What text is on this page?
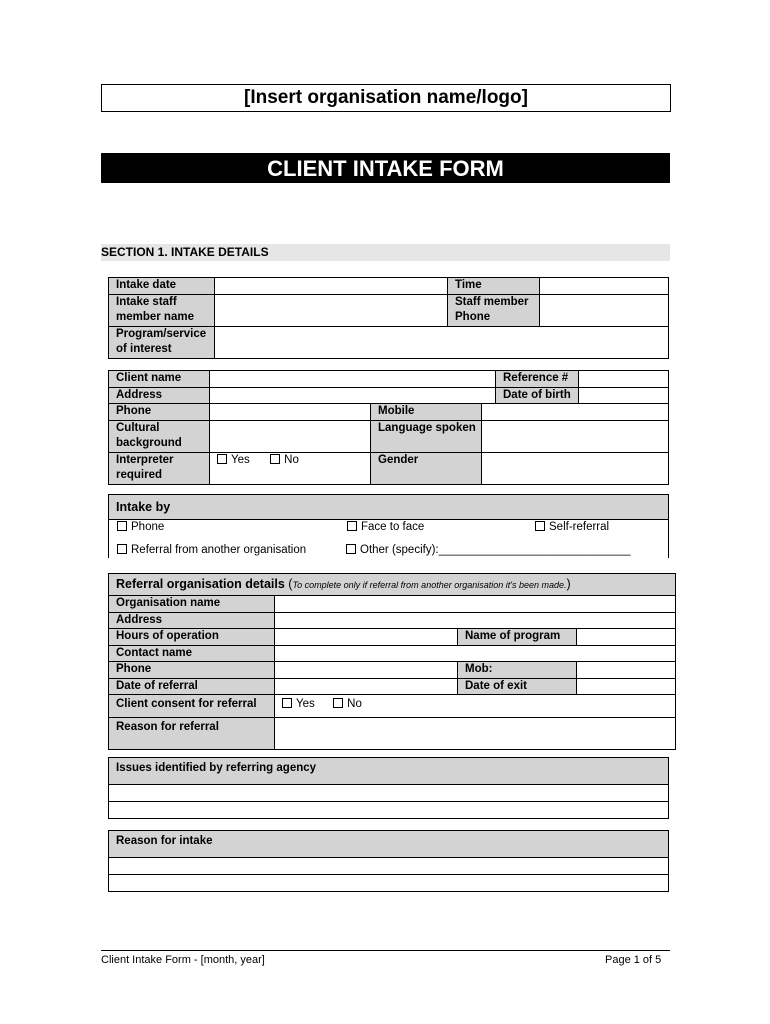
[Insert organisation name/logo]
CLIENT INTAKE FORM
SECTION 1. INTAKE DETAILS
Intake date		Time	
Intake staff member name		Staff member Phone	
Program/service of interest			
Client name				Reference #	
Address				Date of birth	
Phone		Mobile			
Cultural background		Language spoken			
Interpreter required	Yes No	Gender			
Intake by

Phone	Face to face	Self-referral
Referral from another organisation	Other (specify):______________________________
Referral organisation details (To complete only if referral from another organisation it's been made.)			
Organisation name			
Address			
Hours of operation		Name of program	
Contact name			
Phone		Mob:	
Date of referral		Date of exit	
Client consent for referral	Yes No		
Reason for referral			
Issues identified by referring agency

Reason for intake

Client Intake Form - [month, year]	Page 1 of 5
